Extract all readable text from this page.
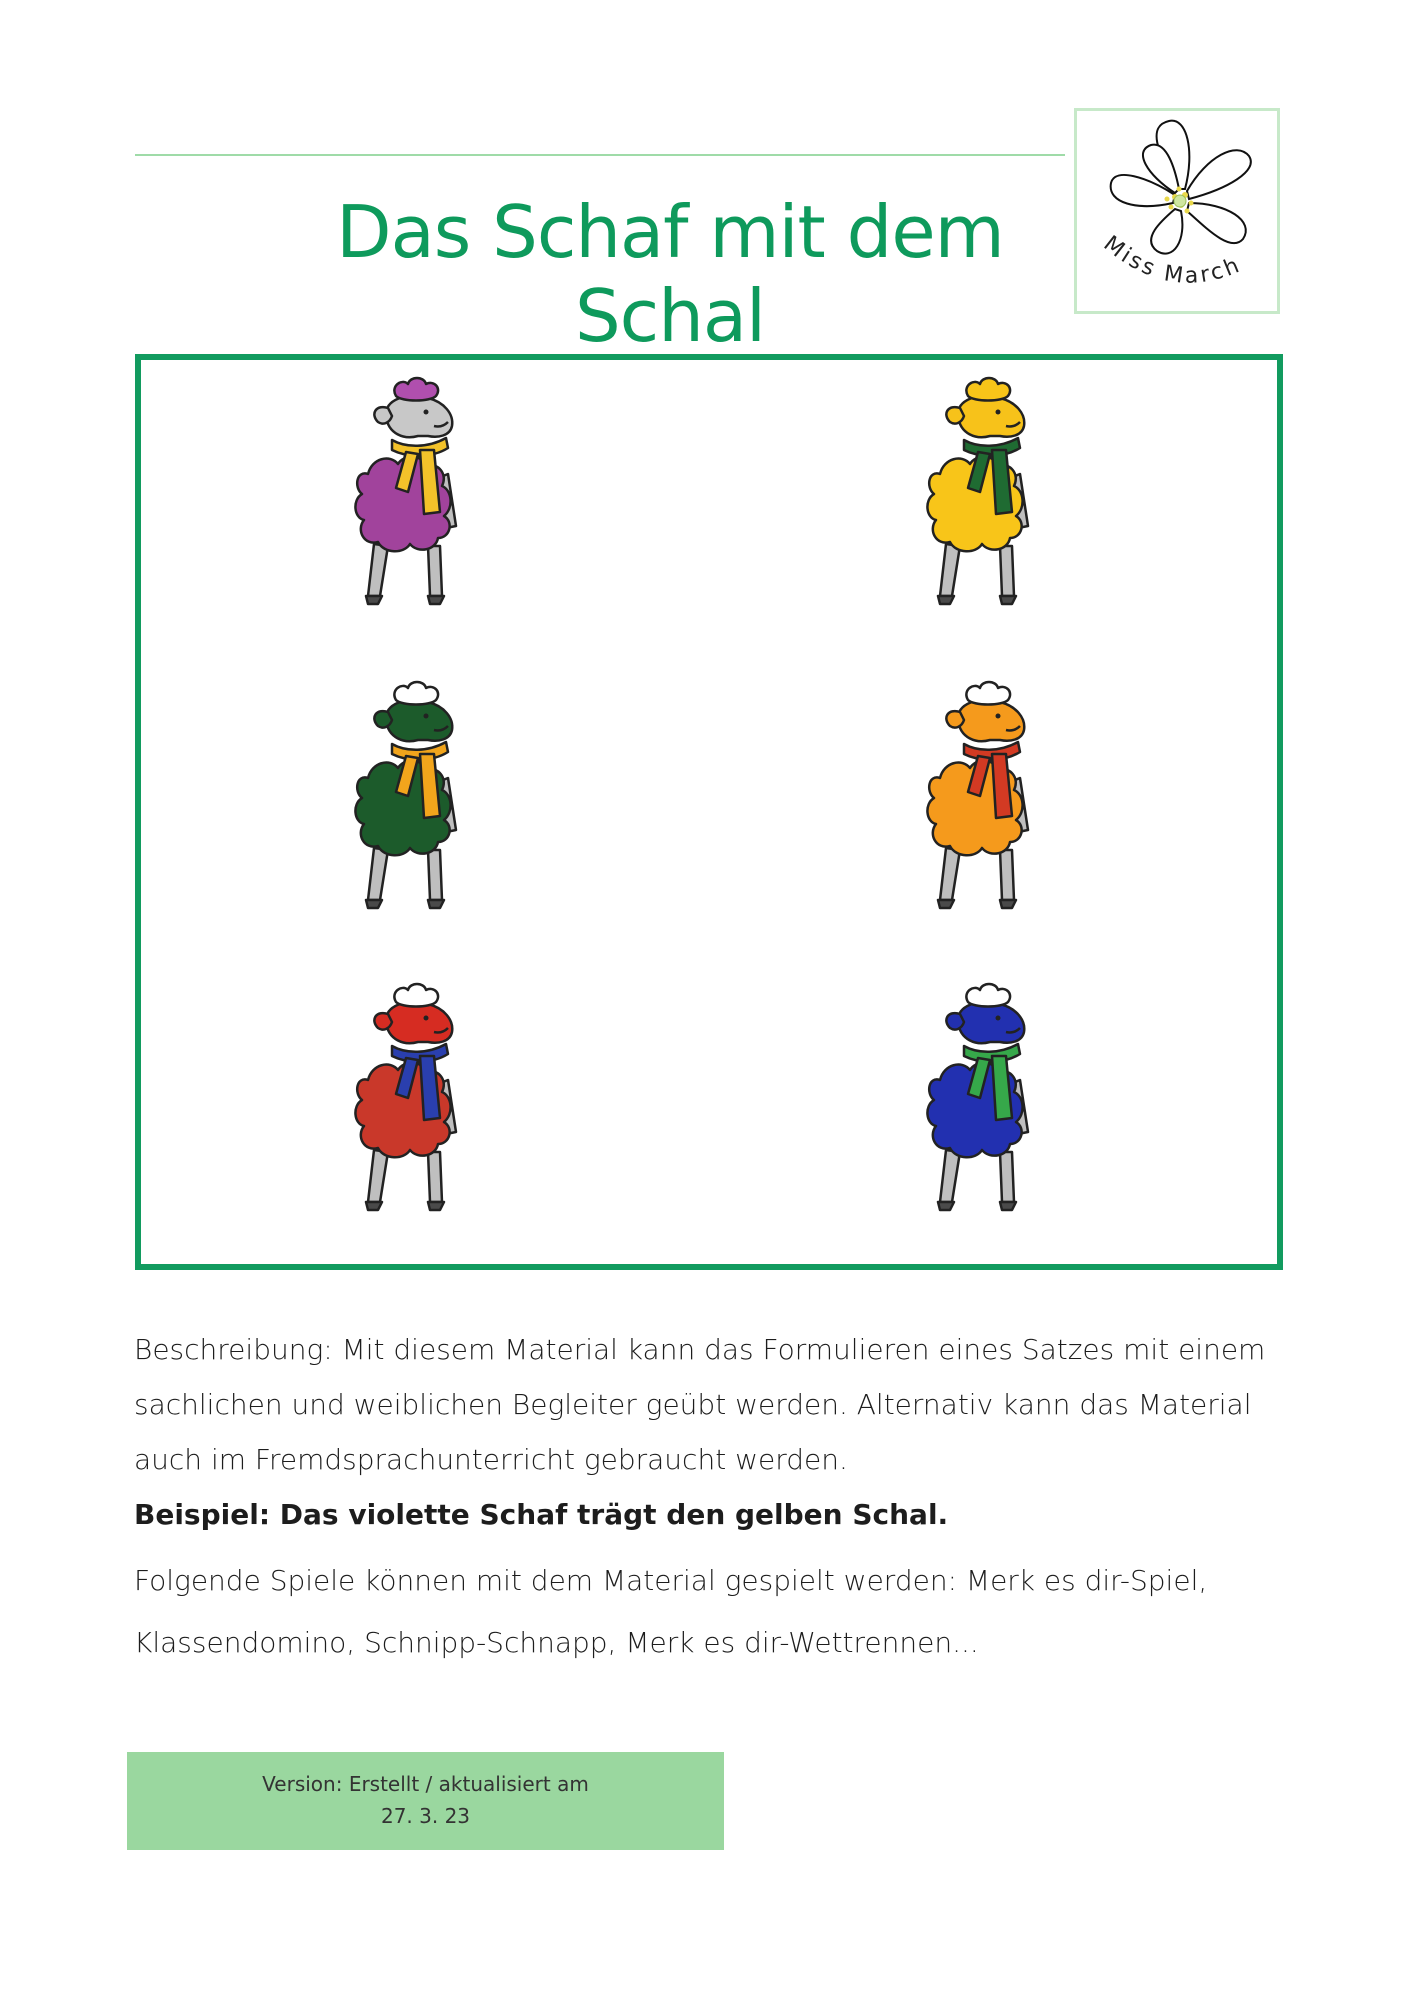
Das Schaf mit dem Schal
Miss March

Beschreibung: Mit diesem Material kann das Formulieren eines Satzes mit einem sachlichen und weiblichen Begleiter geübt werden. Alternativ kann das Material auch im Fremdsprachunterricht gebraucht werden.

Beispiel: Das violette Schaf trägt den gelben Schal.

Folgende Spiele können mit dem Material gespielt werden: Merk es dir-Spiel, Klassendomino, Schnipp-Schnapp, Merk es dir-Wettrennen...

Version: Erstellt / aktualisiert am
27. 3. 23
